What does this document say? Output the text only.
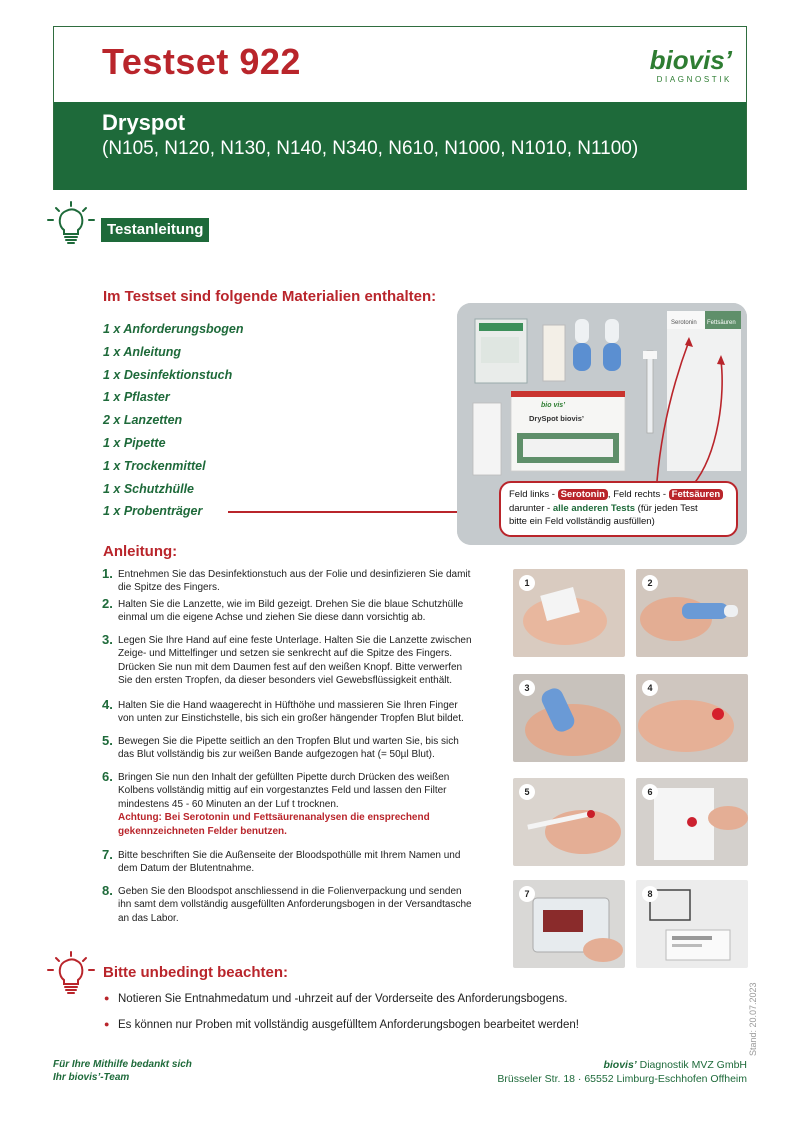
Testset 922	biovis’
DIAGNOSTIK
Dryspot
(N105, N120, N130, N140, N340, N610, N1000, N1010, N1100)
Testanleitung
Im Testset sind folgende Materialien enthalten:
1 x Anforderungsbogen
1 x Anleitung
1 x Desinfektionstuch
1 x Pflaster
2 x Lanzetten
1 x Pipette
1 x Trockenmittel
1 x Schutzhülle
1 x Probenträger
Serotonin Fettsäuren
bio vis’
DrySpot biovis’
Feld links - Serotonin , Feld rechts - Fettsäuren
darunter - alle anderen Tests (für jeden Test
bitte ein Feld vollständig ausfüllen)
Anleitung:
1. Entnehmen Sie das Desinfektionstuch aus der Folie und desinfizieren Sie damit die Spitze des Fingers.
2. Halten Sie die Lanzette, wie im Bild gezeigt. Drehen Sie die blaue Schutzhülle einmal um die eigene Achse und ziehen Sie diese dann vorsichtig ab.
3. Legen Sie Ihre Hand auf eine feste Unterlage. Halten Sie die Lanzette zwischen Zeige- und Mittelfinger und setzen sie senkrecht auf die Spitze des Fingers. Drücken Sie nun mit dem Daumen fest auf den weißen Knopf. Bitte verwerfen Sie den ersten Tropfen, da dieser besonders viel Gewebsflüssigkeit enthält.
4. Halten Sie die Hand waagerecht in Hüfthöhe und massieren Sie Ihren Finger von unten zur Einstichstelle, bis sich ein großer hängender Tropfen Blut bildet.
5. Bewegen Sie die Pipette seitlich an den Tropfen Blut und warten Sie, bis sich das Blut vollständig bis zur weißen Bande aufgezogen hat (= 50µl Blut).
6. Bringen Sie nun den Inhalt der gefüllten Pipette durch Drücken des weißen Kolbens vollständig mittig auf ein vorgestanztes Feld und lassen den Filter mindestens 45 - 60 Minuten an der Luf t trocknen.
Achtung: Bei Serotonin und Fettsäurenanalysen die ensprechend gekennzeichneten Felder benutzen.
7. Bitte beschriften Sie die Außenseite der Bloodspothülle mit Ihrem Namen und dem Datum der Blutentnahme.
8. Geben Sie den Bloodspot anschliessend in die Folienverpackung und senden ihn samt dem vollständig ausgefüllten Anforderungsbogen in der Versandtasche an das Labor.
1	2
3	4
5	6
7	8
Bitte unbedingt beachten:
● Notieren Sie Entnahmedatum und -uhrzeit auf der Vorderseite des Anforderungsbogens.
● Es können nur Proben mit vollständig ausgefülltem Anforderungsbogen bearbeitet werden!	Stand: 20.07.2023
Für Ihre Mithilfe bedankt sich
Ihr biovis’-Team
biovis’ Diagnostik MVZ GmbH
Brüsseler Str. 18 · 65552 Limburg-Eschhofen Offheim
